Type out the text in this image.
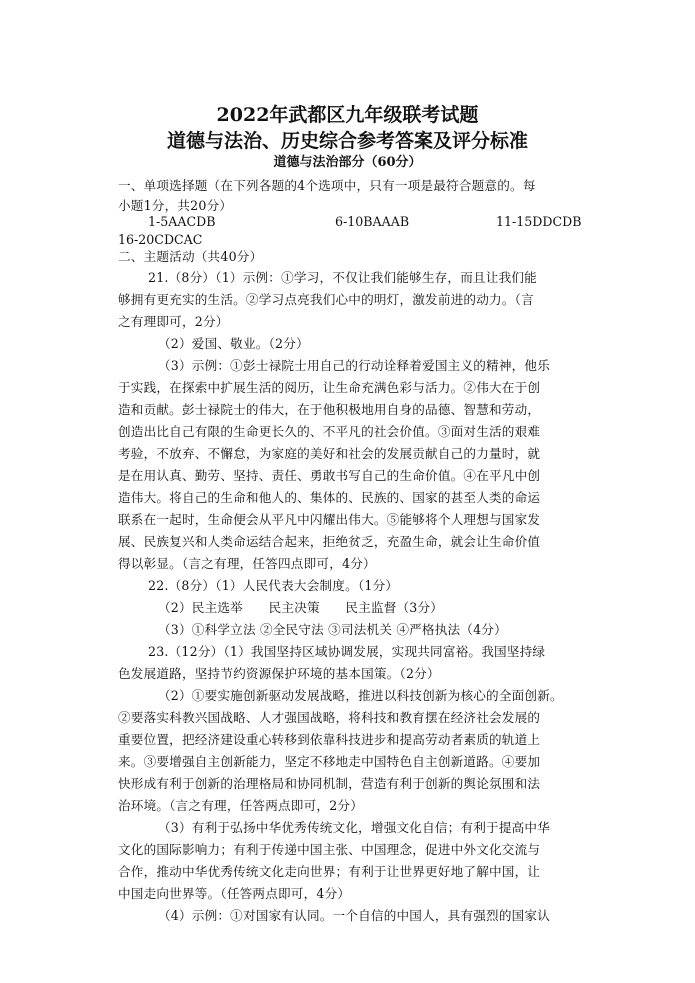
2022年武都区九年级联考试题
道德与法治、历史综合参考答案及评分标准
道德与法治部分（60分）
一、单项选择题（在下列各题的4个选项中，只有一项是最符合题意的。每
小题1分，共20分）
1-5AACDB	6-10BAAAB	11-15DDCDB
16-20CDCAC
二、主题活动（共40分）
21.（8分）（1）示例：①学习，不仅让我们能够生存，而且让我们能
够拥有更充实的生活。②学习点亮我们心中的明灯，激发前进的动力。（言
之有理即可，2分）
（2）爱国、敬业。（2分）
（3）示例：①彭士禄院士用自己的行动诠释着爱国主义的精神，他乐
于实践，在探索中扩展生活的阅历，让生命充满色彩与活力。②伟大在于创
造和贡献。彭士禄院士的伟大，在于他积极地用自身的品德、智慧和劳动，
创造出比自己有限的生命更长久的、不平凡的社会价值。③面对生活的艰难
考验，不放弃、不懈怠，为家庭的美好和社会的发展贡献自己的力量时，就
是在用认真、勤劳、坚持、责任、勇敢书写自己的生命价值。④在平凡中创
造伟大。将自己的生命和他人的、集体的、民族的、国家的甚至人类的命运
联系在一起时，生命便会从平凡中闪耀出伟大。⑤能够将个人理想与国家发
展、民族复兴和人类命运结合起来，拒绝贫乏，充盈生命，就会让生命价值
得以彰显。（言之有理，任答四点即可，4分）
22.（8分）（1）人民代表大会制度。（1分）
（2）民主选举　　民主决策　　民主监督（3分）
（3）①科学立法 ②全民守法 ③司法机关 ④严格执法（4分）
23.（12分）（1）我国坚持区域协调发展，实现共同富裕。我国坚持绿
色发展道路，坚持节约资源保护环境的基本国策。（2分）
（2）①要实施创新驱动发展战略，推进以科技创新为核心的全面创新。
②要落实科教兴国战略、人才强国战略，将科技和教育摆在经济社会发展的
重要位置，把经济建设重心转移到依靠科技进步和提高劳动者素质的轨道上
来。③要增强自主创新能力，坚定不移地走中国特色自主创新道路。④要加
快形成有利于创新的治理格局和协同机制，营造有利于创新的舆论氛围和法
治环境。（言之有理，任答两点即可，2分）
（3）有利于弘扬中华优秀传统文化，增强文化自信；有利于提高中华
文化的国际影响力；有利于传递中国主张、中国理念，促进中外文化交流与
合作，推动中华优秀传统文化走向世界；有利于让世界更好地了解中国，让
中国走向世界等。（任答两点即可，4分）
（4）示例：①对国家有认同。一个自信的中国人，具有强烈的国家认
